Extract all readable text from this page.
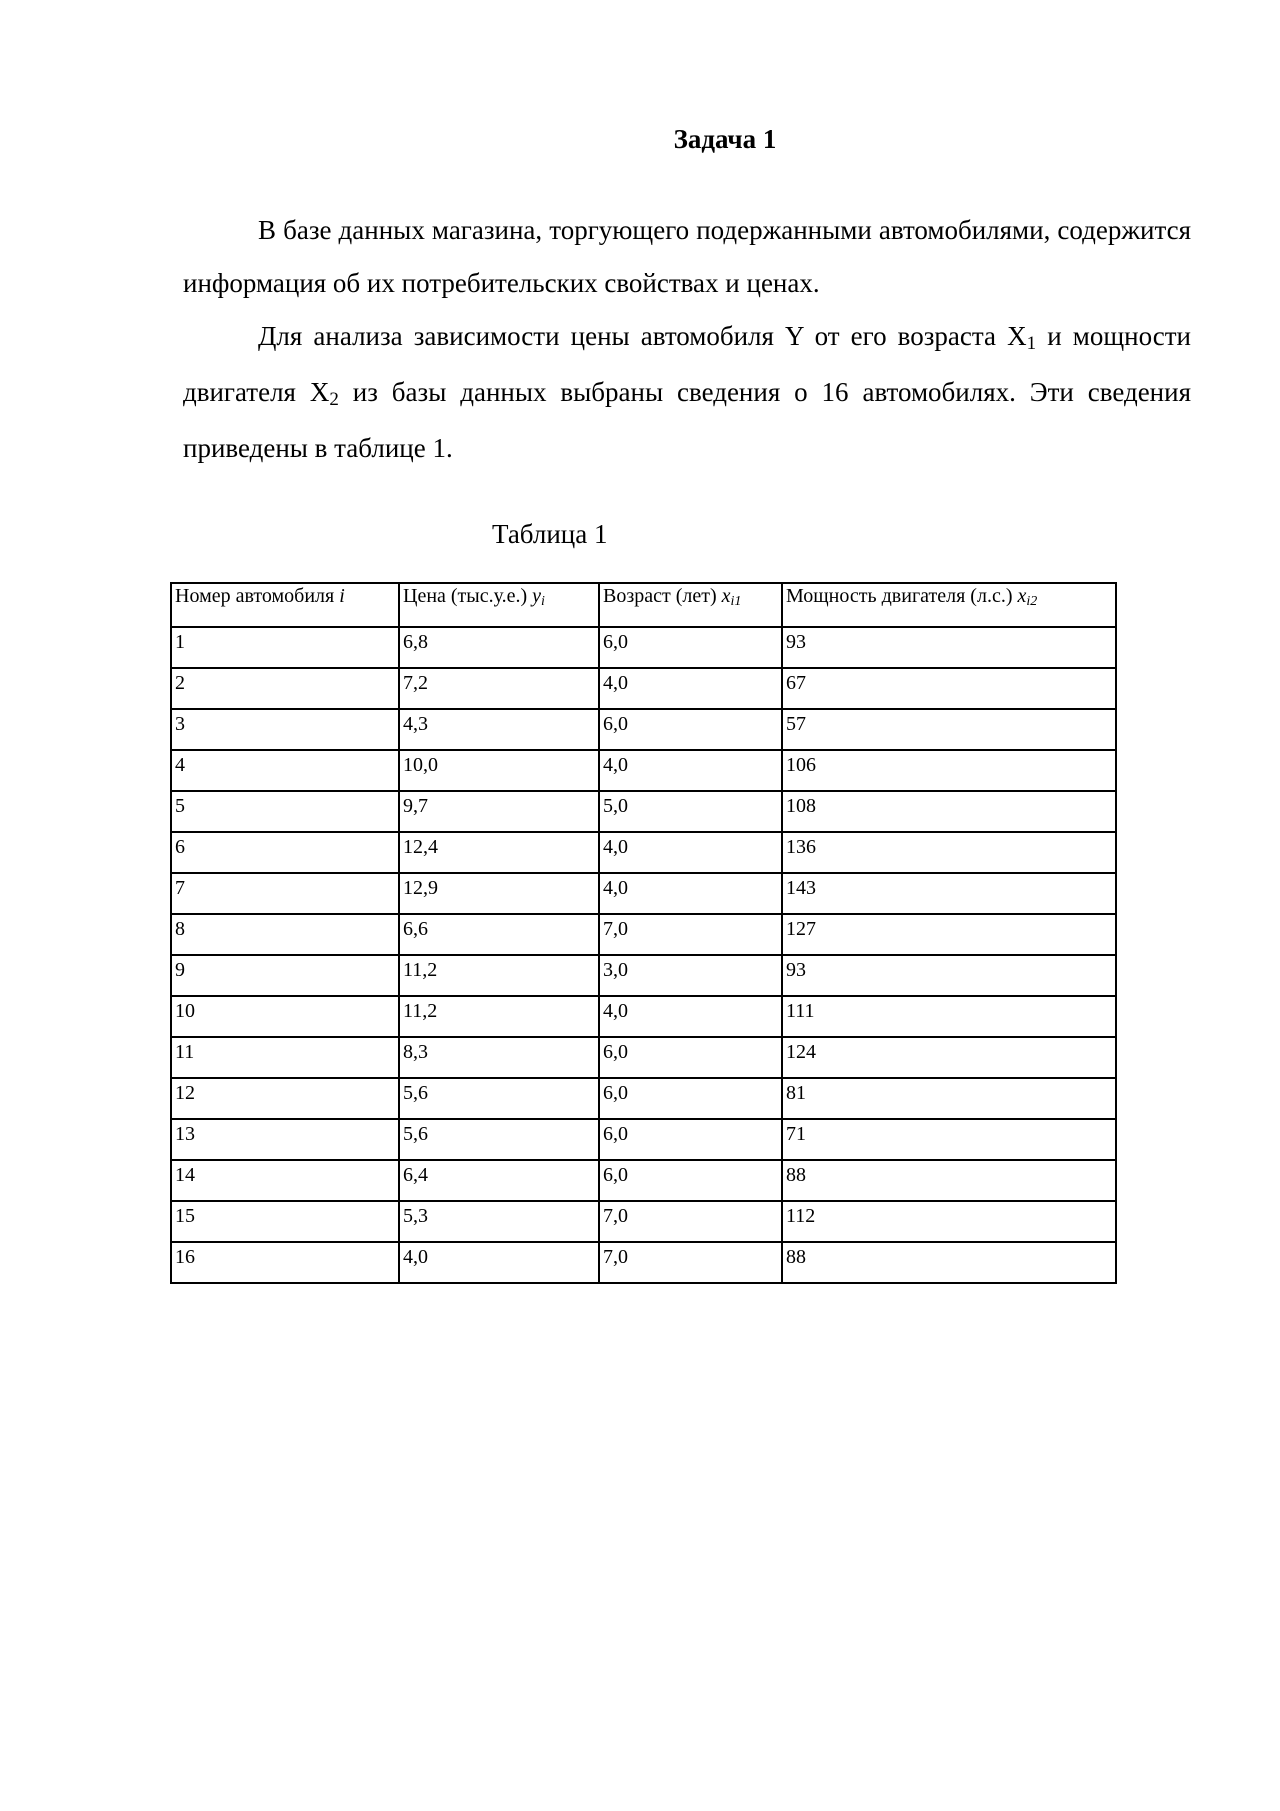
Задача 1

В базе данных магазина, торгующего подержанными автомобилями, содержится информация об их потребительских свойствах и ценах.

Для анализа зависимости цены автомобиля Y от его возраста X1 и мощности двигателя X2 из базы данных выбраны сведения о 16 автомобилях. Эти сведения приведены в таблице 1.

Таблица 1
Номер автомобиля i	Цена (тыс.у.е.) yi	Возраст (лет) xi1	Мощность двигателя (л.с.) xi2
1	6,8	6,0	93
2	7,2	4,0	67
3	4,3	6,0	57
4	10,0	4,0	106
5	9,7	5,0	108
6	12,4	4,0	136
7	12,9	4,0	143
8	6,6	7,0	127
9	11,2	3,0	93
10	11,2	4,0	111
11	8,3	6,0	124
12	5,6	6,0	81
13	5,6	6,0	71
14	6,4	6,0	88
15	5,3	7,0	112
16	4,0	7,0	88
